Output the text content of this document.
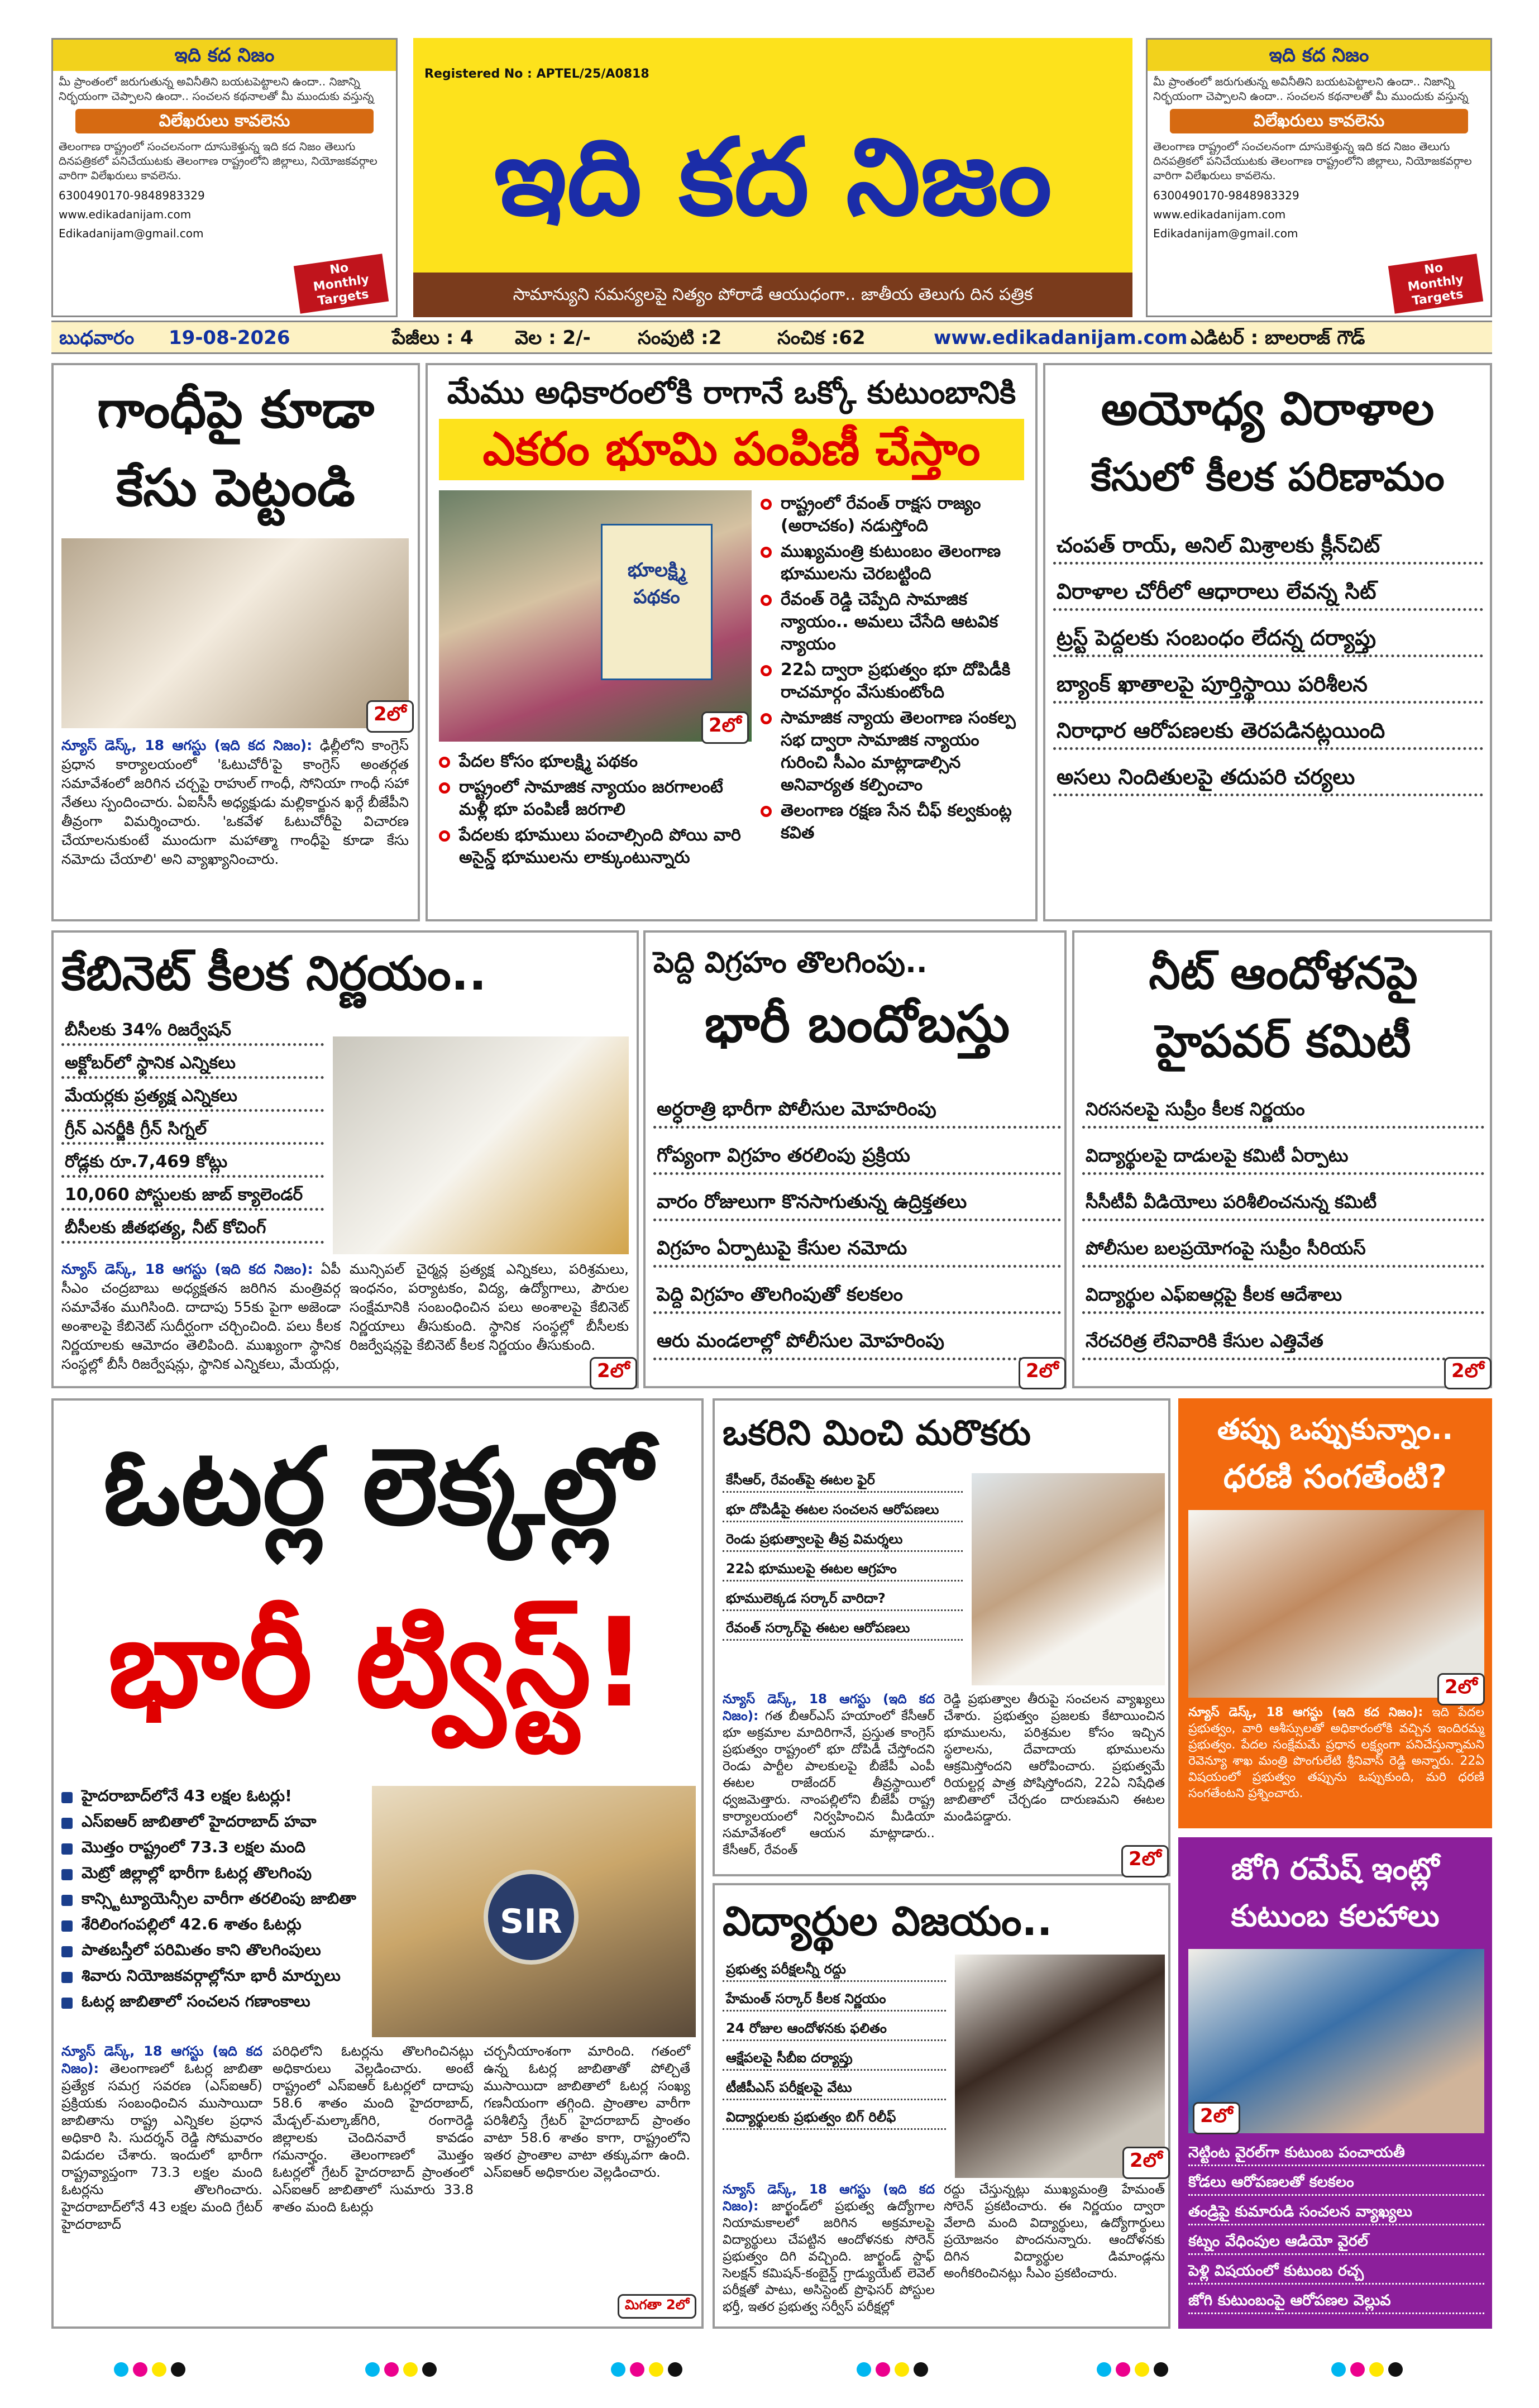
ఇది కద నిజం
మీ ప్రాంతంలో జరుగుతున్న అవినీతిని బయటపెట్టాలని ఉందా.. నిజాన్ని నిర్భయంగా చెప్పాలని ఉందా.. సంచలన కథనాలతో మీ ముందుకు వస్తున్న
విలేఖరులు కావలెను
తెలంగాణ రాష్ట్రంలో సంచలనంగా దూసుకెళ్తున్న ఇది కద నిజం తెలుగు దినపత్రికలో పనిచేయుటకు తెలంగాణ రాష్ట్రంలోని జిల్లాలు, నియోజకవర్గాల వారిగా విలేఖరులు కావలెను.
6300490170-9848983329
www.edikadanijam.com
Edikadanijam@gmail.com
No Monthly Targets
Registered No : APTEL/25/A0818
ఇది కద నిజం
సామాన్యుని సమస్యలపై నిత్యం పోరాడే ఆయుధంగా.. జాతీయ తెలుగు దిన పత్రిక
ఇది కద నిజం
మీ ప్రాంతంలో జరుగుతున్న అవినీతిని బయటపెట్టాలని ఉందా.. నిజాన్ని నిర్భయంగా చెప్పాలని ఉందా.. సంచలన కథనాలతో మీ ముందుకు వస్తున్న
విలేఖరులు కావలెను
తెలంగాణ రాష్ట్రంలో సంచలనంగా దూసుకెళ్తున్న ఇది కద నిజం తెలుగు దినపత్రికలో పనిచేయుటకు తెలంగాణ రాష్ట్రంలోని జిల్లాలు, నియోజకవర్గాల వారిగా విలేఖరులు కావలెను.
6300490170-9848983329
www.edikadanijam.com
Edikadanijam@gmail.com
No Monthly Targets
బుధవారం 19-08-2026	పేజీలు : 4 వెల : 2/- సంపుటి :2	సంచిక :62	www.edikadanijam.com ఎడిటర్ : బాలరాజ్ గౌడ్
గాంధీపై కూడా
కేసు పెట్టండి
2లో
న్యూస్ డెస్క్, 18 ఆగస్టు (ఇది కద నిజం): ఢిల్లీలోని కాంగ్రెస్ ప్రధాన కార్యాలయంలో 'ఓటుచోరీ'పై కాంగ్రెస్ అంతర్గత సమావేశంలో జరిగిన చర్చపై రాహుల్ గాంధీ, సోనియా గాంధీ సహా నేతలు స్పందించారు. ఏఐసీసీ అధ్యక్షుడు మల్లికార్జున ఖర్గే బీజేపీని తీవ్రంగా విమర్శించారు. 'ఒకవేళ ఓటుచోరీపై విచారణ చేయాలనుకుంటే ముందుగా మహాత్మా గాంధీపై కూడా కేసు నమోదు చేయాలి' అని వ్యాఖ్యానించారు.
మేము అధికారంలోకి రాగానే ఒక్కో కుటుంబానికి
ఎకరం భూమి పంపిణీ చేస్తాం
భూలక్ష్మి పథకం
2లో
రాష్ట్రంలో రేవంత్ రాక్షస రాజ్యం (అరాచకం) నడుస్తోంది
ముఖ్యమంత్రి కుటుంబం తెలంగాణ భూములను చెరబట్టింది
రేవంత్ రెడ్డి చెప్పేది సామాజిక న్యాయం.. అమలు చేసేది ఆటవిక న్యాయం
22ఏ ద్వారా ప్రభుత్వం భూ దోపిడీకి రాచమార్గం వేసుకుంటోంది
సామాజిక న్యాయ తెలంగాణ సంకల్ప సభ ద్వారా సామాజిక న్యాయం గురించి సీఎం మాట్లాడాల్సిన అనివార్యత కల్పించాం
తెలంగాణ రక్షణ సేన చీఫ్ కల్వకుంట్ల కవిత
పేదల కోసం భూలక్ష్మి పథకం
రాష్ట్రంలో సామాజిక న్యాయం జరగాలంటే మళ్లీ భూ పంపిణీ జరగాలి
పేదలకు భూములు పంచాల్సింది పోయి వారి అసైన్డ్ భూములను లాక్కుంటున్నారు
అయోధ్య విరాళాల
కేసులో కీలక పరిణామం
చంపత్ రాయ్, అనిల్ మిశ్రాలకు క్లీన్‌చిట్
విరాళాల చోరీలో ఆధారాలు లేవన్న సిట్
ట్రస్ట్ పెద్దలకు సంబంధం లేదన్న దర్యాప్తు
బ్యాంక్ ఖాతాలపై పూర్తిస్థాయి పరిశీలన
నిరాధార ఆరోపణలకు తెరపడినట్లయింది
అసలు నిందితులపై తదుపరి చర్యలు
కేబినెట్ కీలక నిర్ణయం..
బీసీలకు 34% రిజర్వేషన్
అక్టోబర్‌లో స్థానిక ఎన్నికలు
మేయర్లకు ప్రత్యక్ష ఎన్నికలు
గ్రీన్ ఎనర్జీకి గ్రీన్ సిగ్నల్
రోడ్లకు రూ.7,469 కోట్లు
10,060 పోస్టులకు జాబ్ క్యాలెండర్
బీసీలకు జీతభత్య, నీట్ కోచింగ్
న్యూస్ డెస్క్, 18 ఆగస్టు (ఇది కద నిజం): ఏపీ సీఎం చంద్రబాబు అధ్యక్షతన జరిగిన మంత్రివర్గ సమావేశం ముగిసింది. దాదాపు 55కు పైగా అజెండా అంశాలపై కేబినెట్ సుదీర్ఘంగా చర్చించింది. పలు కీలక నిర్ణయాలకు ఆమోదం తెలిపింది. ముఖ్యంగా స్థానిక సంస్థల్లో బీసీ రిజర్వేషన్లు, స్థానిక ఎన్నికలు, మేయర్లు,
మున్సిపల్ చైర్మన్ల ప్రత్యక్ష ఎన్నికలు, పరిశ్రమలు, ఇంధనం, పర్యాటకం, విద్య, ఉద్యోగాలు, పౌరుల సంక్షేమానికి సంబంధించిన పలు అంశాలపై కేబినెట్ నిర్ణయాలు తీసుకుంది. స్థానిక సంస్థల్లో బీసీలకు రిజర్వేషన్లపై కేబినెట్ కీలక నిర్ణయం తీసుకుంది.
2లో
పెద్ది విగ్రహం తొలగింపు..
భారీ బందోబస్తు
అర్ధరాత్రి భారీగా పోలీసుల మోహరింపు
గోప్యంగా విగ్రహం తరలింపు ప్రక్రియ
వారం రోజులుగా కొనసాగుతున్న ఉద్రిక్తతలు
విగ్రహం ఏర్పాటుపై కేసుల నమోదు
పెద్ది విగ్రహం తొలగింపుతో కలకలం
ఆరు మండలాల్లో పోలీసుల మోహరింపు
2లో
నీట్ ఆందోళనపై
హైపవర్ కమిటీ
నిరసనలపై సుప్రీం కీలక నిర్ణయం
విద్యార్థులపై దాడులపై కమిటీ ఏర్పాటు
సీసీటీవీ వీడియోలు పరిశీలించనున్న కమిటీ
పోలీసుల బలప్రయోగంపై సుప్రీం సీరియస్
విద్యార్థుల ఎఫ్ఐఆర్లపై కీలక ఆదేశాలు
నేరచరిత్ర లేనివారికి కేసుల ఎత్తివేత
2లో
ఓటర్ల లెక్కల్లో
భారీ ట్విస్ట్!
హైదరాబాద్‌లోనే 43 లక్షల ఓటర్లు!
ఎస్ఐఆర్ జాబితాలో హైదరాబాద్ హవా
మొత్తం రాష్ట్రంలో 73.3 లక్షల మంది
మెట్రో జిల్లాల్లో భారీగా ఓటర్ల తొలగింపు
కాన్స్టిట్యూయెన్సీల వారీగా తరలింపు జాబితా
శేరిలింగంపల్లిలో 42.6 శాతం ఓటర్లు
పాతబస్తీలో పరిమితం కాని తొలగింపులు
శివారు నియోజకవర్గాల్లోనూ భారీ మార్పులు
ఓటర్ల జాబితాలో సంచలన గణాంకాలు
SIR
న్యూస్ డెస్క్, 18 ఆగస్టు (ఇది కద నిజం): తెలంగాణలో ఓటర్ల జాబితా ప్రత్యేక సమగ్ర సవరణ (ఎస్ఐఆర్) ప్రక్రియకు సంబంధించిన ముసాయిదా జాబితాను రాష్ట్ర ఎన్నికల ప్రధాన అధికారి సి. సుదర్శన్ రెడ్డి సోమవారం విడుదల చేశారు. ఇందులో భారీగా రాష్ట్రవ్యాప్తంగా 73.3 లక్షల మంది ఓటర్లను తొలగించారు. హైదరాబాద్‌లోనే 43 లక్షల మంది గ్రేటర్ హైదరాబాద్
పరిధిలోని ఓటర్లను తొలగించినట్లు అధికారులు వెల్లడించారు. అంటే రాష్ట్రంలో ఎస్ఐఆర్ ఓటర్లలో దాదాపు 58.6 శాతం మంది హైదరాబాద్, మేడ్చల్-మల్కాజ్‌గిరి, రంగారెడ్డి జిల్లాలకు చెందినవారే కావడం గమనార్హం. తెలంగాణలో మొత్తం ఓటర్లలో గ్రేటర్ హైదరాబాద్ ప్రాంతంలో ఎస్ఐఆర్ జాబితాలో సుమారు 33.8 శాతం మంది ఓటర్లు
చర్చనీయాంశంగా మారింది. గతంలో ఉన్న ఓటర్ల జాబితాతో పోల్చితే ముసాయిదా జాబితాలో ఓటర్ల సంఖ్య గణనీయంగా తగ్గింది. ప్రాంతాల వారీగా పరిశీలిస్తే గ్రేటర్ హైదరాబాద్ ప్రాంతం వాటా 58.6 శాతం కాగా, రాష్ట్రంలోని ఇతర ప్రాంతాల వాటా తక్కువగా ఉంది. ఎస్ఐఆర్ అధికారుల వెల్లడించారు.
మిగతా 2లో
ఒకరిని మించి మరొకరు
కేసీఆర్, రేవంత్‌పై ఈటల ఫైర్
భూ దోపిడీపై ఈటల సంచలన ఆరోపణలు
రెండు ప్రభుత్వాలపై తీవ్ర విమర్శలు
22ఏ భూములపై ఈటల ఆగ్రహం
భూములెక్కడ సర్కార్ వారిదా?
రేవంత్ సర్కార్‌పై ఈటల ఆరోపణలు
న్యూస్ డెస్క్, 18 ఆగస్టు (ఇది కద నిజం): గత బీఆర్ఎస్ హయాంలో కేసీఆర్ భూ అక్రమాల మాదిరిగానే, ప్రస్తుత కాంగ్రెస్ ప్రభుత్వం రాష్ట్రంలో భూ దోపిడీ చేస్తోందని రెండు పార్టీల పాలకులపై బీజేపీ ఎంపీ ఈటల రాజేందర్ తీవ్రస్థాయిలో ధ్వజమెత్తారు. నాంపల్లిలోని బీజేపీ రాష్ట్ర కార్యాలయంలో నిర్వహించిన మీడియా సమావేశంలో ఆయన మాట్లాడారు.. కేసీఆర్, రేవంత్
రెడ్డి ప్రభుత్వాల తీరుపై సంచలన వ్యాఖ్యలు చేశారు. ప్రభుత్వం ప్రజలకు కేటాయించిన భూములను, పరిశ్రమల కోసం ఇచ్చిన స్థలాలను, దేవాదాయ భూములను ఆక్రమిస్తోందని ఆరోపించారు. ప్రభుత్వమే రియల్టర్ల పాత్ర పోషిస్తోందని, 22ఏ నిషేధిత జాబితాలో చేర్చడం దారుణమని ఈటల మండిపడ్డారు.
2లో
విద్యార్థుల విజయం..
ప్రభుత్వ పరీక్షలన్నీ రద్దు
హేమంత్ సర్కార్ కీలక నిర్ణయం
24 రోజుల ఆందోళనకు ఫలితం
ఆక్షేపలపై సీబీఐ దర్యాప్తు
టీజీపీఎస్ పరీక్షలపై వేటు
విద్యార్థులకు ప్రభుత్వం బిగ్ రిలీఫ్
2లో
న్యూస్ డెస్క్, 18 ఆగస్టు (ఇది కద నిజం): జార్ఖండ్‌లో ప్రభుత్వ ఉద్యోగాల నియామకాలలో జరిగిన అక్రమాలపై విద్యార్థులు చేపట్టిన ఆందోళనకు సోరెన్ ప్రభుత్వం దిగి వచ్చింది. జార్ఖండ్ స్టాఫ్ సెలక్షన్ కమిషన్-కంబైన్డ్ గ్రాడ్యుయేట్ లెవెల్ పరీక్షతో పాటు, అసిస్టెంట్ ప్రొఫెసర్ పోస్టుల భర్తీ, ఇతర ప్రభుత్వ సర్వీస్ పరీక్షల్లో
రద్దు చేస్తున్నట్లు ముఖ్యమంత్రి హేమంత్ సోరెన్ ప్రకటించారు. ఈ నిర్ణయం ద్వారా వేలాది మంది విద్యార్థులు, ఉద్యోగార్థులు ప్రయోజనం పొందనున్నారు. ఆందోళనకు దిగిన విద్యార్థుల డిమాండ్లను అంగీకరించినట్లు సీఎం ప్రకటించారు.
తప్పు ఒప్పుకున్నాం..
ధరణి సంగతేంటి?
2లో
న్యూస్ డెస్క్, 18 ఆగస్టు (ఇది కద నిజం): ఇది పేదల ప్రభుత్వం, వారి ఆశీస్సులతో అధికారంలోకి వచ్చిన ఇందిరమ్మ ప్రభుత్వం. పేదల సంక్షేమమే ప్రధాన లక్ష్యంగా పనిచేస్తున్నామని రెవెన్యూ శాఖ మంత్రి పొంగులేటి శ్రీనివాస్ రెడ్డి అన్నారు. 22ఏ విషయంలో ప్రభుత్వం తప్పును ఒప్పుకుంది, మరి ధరణి సంగతేంటని ప్రశ్నించారు.
జోగి రమేష్ ఇంట్లో
కుటుంబ కలహాలు
2లో
నెట్టింట వైరల్‌గా కుటుంబ పంచాయతీ
కోడలు ఆరోపణలతో కలకలం
తండ్రిపై కుమారుడి సంచలన వ్యాఖ్యలు
కట్నం వేధింపుల ఆడియో వైరల్
పెళ్లి విషయంలో కుటుంబ రచ్చ
జోగి కుటుంబంపై ఆరోపణల వెల్లువ
